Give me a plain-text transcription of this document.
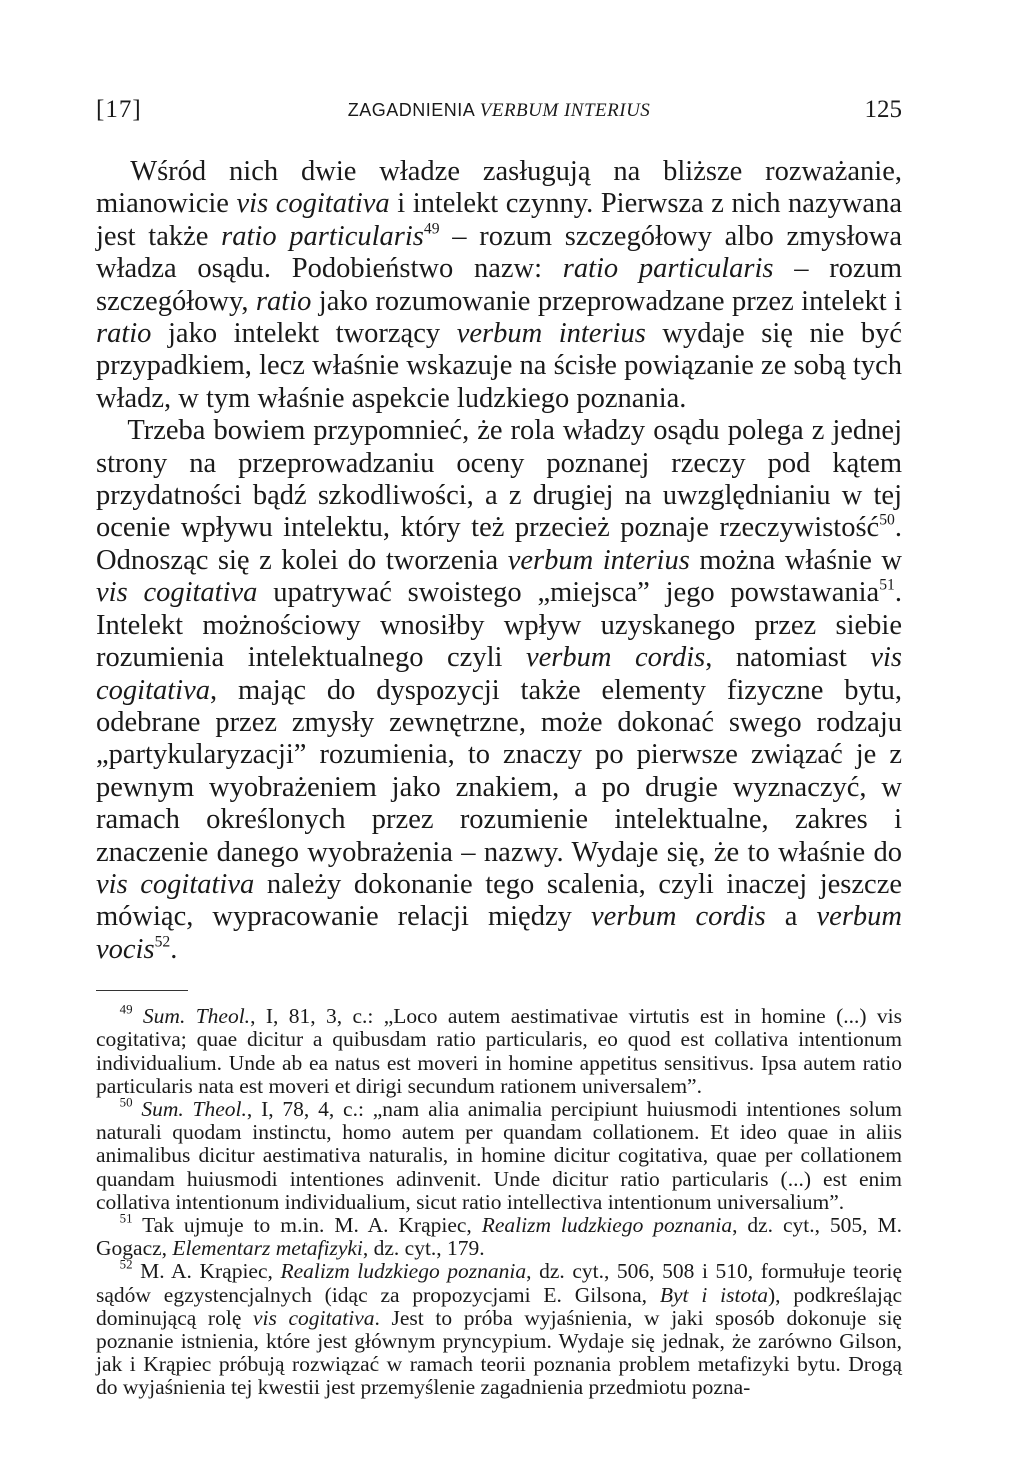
[17]	ZAGADNIENIA VERBUM INTERIUS	125

Wśród nich dwie władze zasługują na bliższe rozważanie, mianowicie vis cogitativa i intelekt czynny. Pierwsza z nich nazywana jest także ratio particularis$^{49}$ – rozum szczegółowy albo zmysłowa władza osądu. Podobieństwo nazw: ratio particularis – rozum szczegółowy, ratio jako rozumowanie przeprowadzane przez intelekt i ratio jako intelekt tworzący verbum interius wydaje się nie być przypadkiem, lecz właśnie wskazuje na ścisłe powiązanie ze sobą tych władz, w tym właśnie aspekcie ludzkiego poznania.

Trzeba bowiem przypomnieć, że rola władzy osądu polega z jednej strony na przeprowadzaniu oceny poznanej rzeczy pod kątem przydatności bądź szkodliwości, a z drugiej na uwzględnianiu w tej ocenie wpływu intelektu, który też przecież poznaje rzeczywistość$^{50}$. Odnosząc się z kolei do tworzenia verbum interius można właśnie w vis cogitativa upatrywać swoistego „miejsca” jego powstawania$^{51}$. Intelekt możnościowy wnosiłby wpływ uzyskanego przez siebie rozumienia intelektualnego czyli verbum cordis, natomiast vis cogitativa, mając do dyspozycji także elementy fizyczne bytu, odebrane przez zmysły zewnętrzne, może dokonać swego rodzaju „partykularyzacji” rozumienia, to znaczy po pierwsze związać je z pewnym wyobrażeniem jako znakiem, a po drugie wyznaczyć, w ramach określonych przez rozumienie intelektualne, zakres i znaczenie danego wyobrażenia – nazwy. Wydaje się, że to właśnie do vis cogitativa należy dokonanie tego scalenia, czyli inaczej jeszcze mówiąc, wypracowanie relacji między verbum cordis a verbum vocis$^{52}$.

$^{49}$ Sum. Theol., I, 81, 3, c.: „Loco autem aestimativae virtutis est in homine (...) vis cogitativa; quae dicitur a quibusdam ratio particularis, eo quod est collativa intentionum individualium. Unde ab ea natus est moveri in homine appetitus sensitivus. Ipsa autem ratio particularis nata est moveri et dirigi secundum rationem universalem”.

$^{50}$ Sum. Theol., I, 78, 4, c.: „nam alia animalia percipiunt huiusmodi intentiones solum naturali quodam instinctu, homo autem per quandam collationem. Et ideo quae in aliis animalibus dicitur aestimativa naturalis, in homine dicitur cogitativa, quae per collationem quandam huiusmodi intentiones adinvenit. Unde dicitur ratio particularis (...) est enim collativa intentionum individualium, sicut ratio intellectiva intentionum universalium”.

$^{51}$ Tak ujmuje to m.in. M. A. Krąpiec, Realizm ludzkiego poznania, dz. cyt., 505, M. Gogacz, Elementarz metafizyki, dz. cyt., 179.

$^{52}$ M. A. Krąpiec, Realizm ludzkiego poznania, dz. cyt., 506, 508 i 510, formułuje teorię sądów egzystencjalnych (idąc za propozycjami E. Gilsona, Byt i istota), podkreślając dominującą rolę vis cogitativa. Jest to próba wyjaśnienia, w jaki sposób dokonuje się poznanie istnienia, które jest głównym pryncypium. Wydaje się jednak, że zarówno Gilson, jak i Krąpiec próbują rozwiązać w ramach teorii poznania problem metafizyki bytu. Drogą do wyjaśnienia tej kwestii jest przemyślenie zagadnienia przedmiotu pozna-
